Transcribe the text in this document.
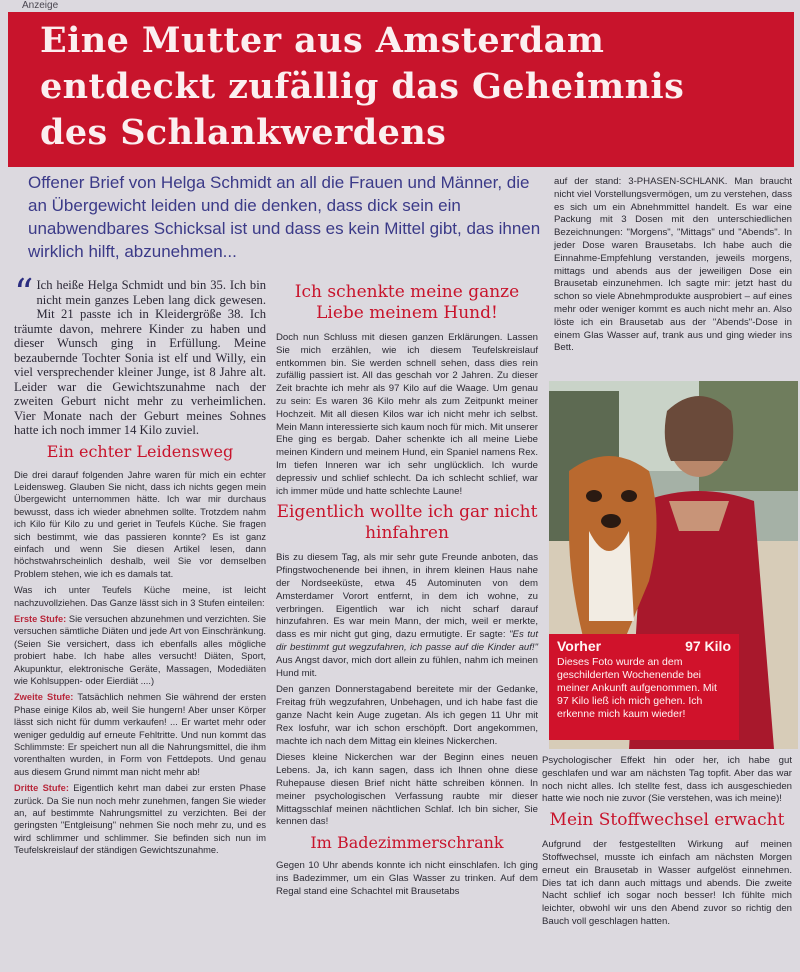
Anzeige
Eine Mutter aus Amsterdam
entdeckt zufällig das Geheimnis
des Schlankwerdens
Offener Brief von Helga Schmidt an all die Frauen und Männer, die an Übergewicht leiden und die denken, dass dick sein ein unabwendbares Schicksal ist und dass es kein Mittel gibt, das ihnen wirklich hilft, abzunehmen...

“ Ich heiße Helga Schmidt und bin 35. Ich bin nicht mein ganzes Leben lang dick gewesen. Mit 21 passte ich in Kleidergröße 38. Ich träumte davon, mehrere Kinder zu haben und dieser Wunsch ging in Erfüllung. Meine bezaubernde Tochter Sonia ist elf und Willy, ein viel versprechender kleiner Junge, ist 8 Jahre alt. Leider war die Gewichtszunahme nach der zweiten Geburt nicht mehr zu verheimlichen. Vier Monate nach der Geburt meines Sohnes hatte ich noch immer 14 Kilo zuviel.

Ein echter Leidensweg

Die drei darauf folgenden Jahre waren für mich ein echter Leidensweg. Glauben Sie nicht, dass ich nichts gegen mein Übergewicht unternommen hätte. Ich war mir durchaus bewusst, dass ich wieder abnehmen sollte. Trotzdem nahm ich Kilo für Kilo zu und geriet in Teufels Küche. Sie fragen sich bestimmt, wie das passieren konnte? Es ist ganz einfach und wenn Sie diesen Artikel lesen, dann höchstwahrscheinlich deshalb, weil Sie vor demselben Problem stehen, wie ich es damals tat.

Was ich unter Teufels Küche meine, ist leicht nachzuvollziehen. Das Ganze lässt sich in 3 Stufen einteilen:

Erste Stufe: Sie versuchen abzunehmen und verzichten. Sie versuchen sämtliche Diäten und jede Art von Einschränkung. (Seien Sie versichert, dass ich ebenfalls alles mögliche probiert habe. Ich habe alles versucht! Diäten, Sport, Akupunktur, elektronische Geräte, Massagen, Modediäten wie Kohlsuppen- oder Eierdiät ....)

Zweite Stufe: Tatsächlich nehmen Sie während der ersten Phase einige Kilos ab, weil Sie hungern! Aber unser Körper lässt sich nicht für dumm verkaufen! ... Er wartet mehr oder weniger geduldig auf erneute Fehltritte. Und nun kommt das Schlimmste: Er speichert nun all die Nahrungsmittel, die ihm vorenthalten wurden, in Form von Fettdepots. Und genau aus diesem Grund nimmt man nicht mehr ab!

Dritte Stufe: Eigentlich kehrt man dabei zur ersten Phase zurück. Da Sie nun noch mehr zunehmen, fangen Sie wieder an, auf bestimmte Nahrungsmittel zu verzichten. Bei der geringsten "Entgleisung" nehmen Sie noch mehr zu, und es wird schlimmer und schlimmer. Sie befinden sich nun im Teufelskreislauf der ständigen Gewichtszunahme.

Ich schenkte meine ganze Liebe meinem Hund!

Doch nun Schluss mit diesen ganzen Erklärungen. Lassen Sie mich erzählen, wie ich diesem Teufelskreislauf entkommen bin. Sie werden schnell sehen, dass dies rein zufällig passiert ist. All das geschah vor 2 Jahren. Zu dieser Zeit brachte ich mehr als 97 Kilo auf die Waage. Um genau zu sein: Es waren 36 Kilo mehr als zum Zeitpunkt meiner Hochzeit. Mit all diesen Kilos war ich nicht mehr ich selbst. Mein Mann interessierte sich kaum noch für mich. Mit unserer Ehe ging es bergab. Daher schenkte ich all meine Liebe meinen Kindern und meinem Hund, ein Spaniel namens Rex. Im tiefen Inneren war ich sehr unglücklich. Ich wurde depressiv und schlief schlecht. Da ich schlecht schlief, war ich immer müde und hatte schlechte Laune!

Eigentlich wollte ich gar nicht hinfahren

Bis zu diesem Tag, als mir sehr gute Freunde anboten, das Pfingstwochenende bei ihnen, in ihrem kleinen Haus nahe der Nordseeküste, etwa 45 Autominuten von dem Amsterdamer Vorort entfernt, in dem ich wohne, zu verbringen. Eigentlich war ich nicht scharf darauf hinzufahren. Es war mein Mann, der mich, weil er merkte, dass es mir nicht gut ging, dazu ermutigte. Er sagte: "Es tut dir bestimmt gut wegzufahren, ich passe auf die Kinder auf!" Aus Angst davor, mich dort allein zu fühlen, nahm ich meinen Hund mit.

Den ganzen Donnerstagabend bereitete mir der Gedanke, Freitag früh wegzufahren, Unbehagen, und ich habe fast die ganze Nacht kein Auge zugetan. Als ich gegen 11 Uhr mit Rex losfuhr, war ich schon erschöpft. Dort angekommen, machte ich nach dem Mittag ein kleines Nickerchen.

Dieses kleine Nickerchen war der Beginn eines neuen Lebens. Ja, ich kann sagen, dass ich Ihnen ohne diese Ruhepause diesen Brief nicht hätte schreiben können. In meiner psychologischen Verfassung raubte mir dieser Mittagsschlaf meinen nächtlichen Schlaf. Ich bin sicher, Sie kennen das!

Im Badezimmerschrank

Gegen 10 Uhr abends konnte ich nicht einschlafen. Ich ging ins Badezimmer, um ein Glas Wasser zu trinken. Auf dem Regal stand eine Schachtel mit Brausetabs

auf der stand: 3-PHASEN-SCHLANK. Man braucht nicht viel Vorstellungsvermögen, um zu verstehen, dass es sich um ein Abnehmmittel handelt. Es war eine Packung mit 3 Dosen mit den unterschiedlichen Bezeichnungen: "Morgens", "Mittags" und "Abends". In jeder Dose waren Brausetabs. Ich habe auch die Einnahme-Empfehlung verstanden, jeweils morgens, mittags und abends aus der jeweiligen Dose ein Brausetab einzunehmen. Ich sagte mir: jetzt hast du schon so viele Abnehmprodukte ausprobiert – auf eines mehr oder weniger kommt es auch nicht mehr an. Also löste ich ein Brausetab aus der "Abends"-Dose in einem Glas Wasser auf, trank aus und ging wieder ins Bett.

Vorher	97 Kilo
Dieses Foto wurde an dem geschilderten Wochenende bei meiner Ankunft aufgenommen. Mit 97 Kilo ließ ich mich gehen. Ich erkenne mich kaum wieder!

Psychologischer Effekt hin oder her, ich habe gut geschlafen und war am nächsten Tag topfit. Aber das war noch nicht alles. Ich stellte fest, dass ich ausgeschieden hatte wie noch nie zuvor (Sie verstehen, was ich meine)!

Mein Stoffwechsel erwacht

Aufgrund der festgestellten Wirkung auf meinen Stoffwechsel, musste ich einfach am nächsten Morgen erneut ein Brausetab in Wasser aufgelöst einnehmen. Dies tat ich dann auch mittags und abends. Die zweite Nacht schlief ich sogar noch besser! Ich fühlte mich leichter, obwohl wir uns den Abend zuvor so richtig den Bauch voll geschlagen hatten.
